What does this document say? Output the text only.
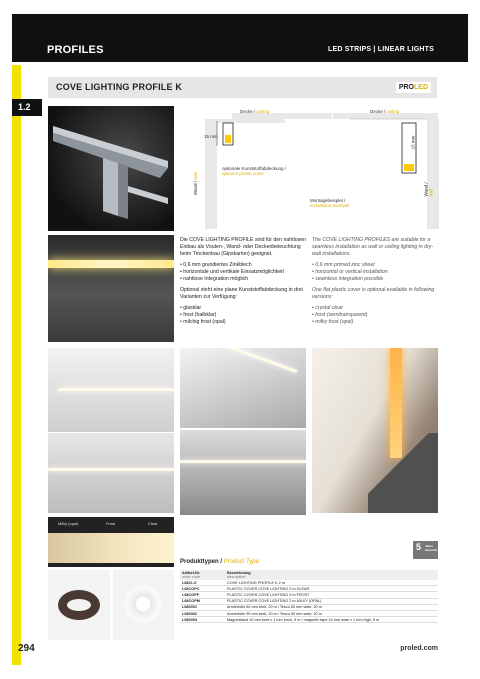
PROFILES	LED STRIPS | LINEAR LIGHTS
1.2
COVE LIGHTING PROFILE K	PROLED
Decke / ceiling	Decke / ceiling
15 mm	15 mm
Wand / wall
Wand / wall
optionale Kunststoffabdeckung /
optional plastic cover
Montagebeispiel /
installation example

Die COVE LIGHTING PROFILE sind für den nahtlosen Einbau als Vouten-, Wand- oder Deckenbeleuchtung beim Trockenbau (Gipskarton) geeignet.

• 0,6 mm grundiertes Zinkblech
• horizontale und vertikale Einsatzmöglichkeit
• nahtlose Integration möglich

Optional steht eine plane Kunststoffabdeckung in drei Varianten zur Verfügung:

• glasklar
• frost (halbklar)
• milchig frost (opal)

The COVE LIGHTING PROFILES are suitable for a seamless installation as wall or ceiling lighting in dry-wall installations.

• 0,6 mm primed zinc sheet
• horizontal or vertical installation
• seamless integration possible

One flat plastic cover is optional available in following versions:

• crystal clear
• frost (semitransparent)
• milky frost (opal)

Milky (opal)	Frost	Clear
Produkttypen / Product Type
5 Jahre Garantie
Artikel-Nr.
order code	Bezeichnung
description

L68CLO	COVE LIGHTING PROFILE K 2 m
L68COPC	PLASTIC COVER COVE LIGHTING 2 m CLEAR
L68COPF	PLASTIC COVER COVE LIGHTING 2 m FROST
L68COPM	PLASTIC COVER COVE LIGHTING 2 m MILKY (OPAL)
L680001	Armierfolie 60 mm breit, 20 m / Tesco 60 mm wide, 20 m
L680002	Armierfolie 90 mm breit, 20 m / Tesco 90 mm wide, 20 m
L680003	Magnetband 10 mm breit x 1 mm hoch, 5 m / magnetic tape 10 mm wide x 1 mm high, 5 m
294	proled.com
